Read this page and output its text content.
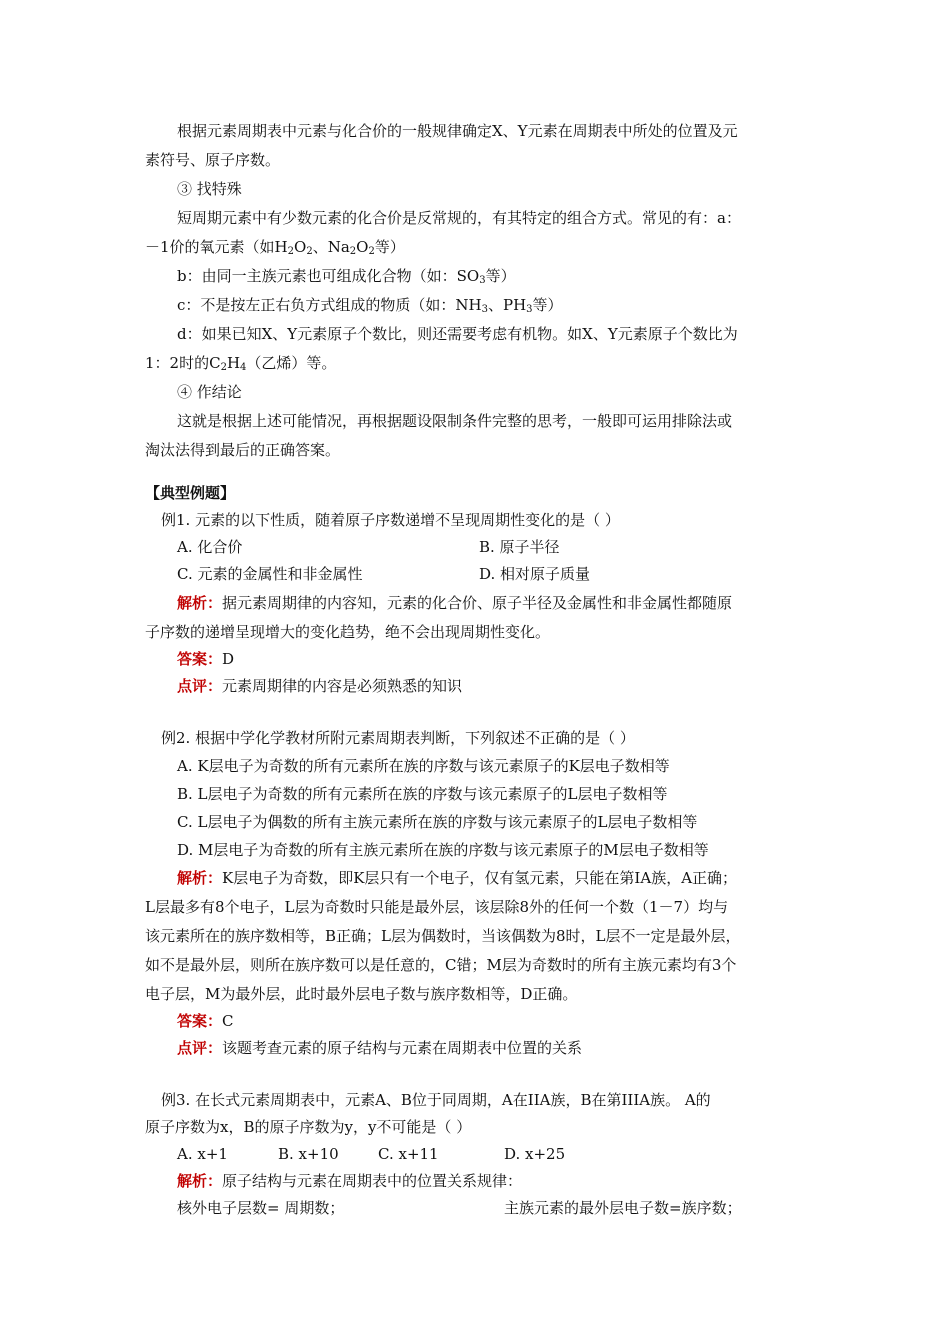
根据元素周期表中元素与化合价的一般规律确定X、Y元素在周期表中所处的位置及元
素符号、原子序数。
③ 找特殊
短周期元素中有少数元素的化合价是反常规的，有其特定的组合方式。常见的有：a：
－1价的氧元素（如$H_2O_2$、$Na_2O_2$等）
b：由同一主族元素也可组成化合物（如：$SO_3$等）
c：不是按左正右负方式组成的物质（如：$NH_3$、$PH_3$等）
d：如果已知X、Y元素原子个数比，则还需要考虑有机物。如X、Y元素原子个数比为
1：2时的$C_2H_4$（乙烯）等。
④ 作结论
这就是根据上述可能情况，再根据题设限制条件完整的思考，一般即可运用排除法或
淘汰法得到最后的正确答案。
【典型例题】
例1. 元素的以下性质，随着原子序数递增不呈现周期性变化的是（ ）
A. 化合价	B. 原子半径
C. 元素的金属性和非金属性	D. 相对原子质量
解析：据元素周期律的内容知，元素的化合价、原子半径及金属性和非金属性都随原
子序数的递增呈现增大的变化趋势，绝不会出现周期性变化。
答案：D
点评：元素周期律的内容是必须熟悉的知识
例2. 根据中学化学教材所附元素周期表判断，下列叙述不正确的是（ ）
A. K层电子为奇数的所有元素所在族的序数与该元素原子的K层电子数相等
B. L层电子为奇数的所有元素所在族的序数与该元素原子的L层电子数相等
C. L层电子为偶数的所有主族元素所在族的序数与该元素原子的L层电子数相等
D. M层电子为奇数的所有主族元素所在族的序数与该元素原子的M层电子数相等
解析：K层电子为奇数，即K层只有一个电子，仅有氢元素，只能在第IA族，A正确；
L层最多有8个电子，L层为奇数时只能是最外层，该层除8外的任何一个数（1－7）均与
该元素所在的族序数相等，B正确；L层为偶数时，当该偶数为8时，L层不一定是最外层，
如不是最外层，则所在族序数可以是任意的，C错；M层为奇数时的所有主族元素均有3个
电子层，M为最外层，此时最外层电子数与族序数相等，D正确。
答案：C
点评：该题考查元素的原子结构与元素在周期表中位置的关系
例3. 在长式元素周期表中，元素A、B位于同周期，A在IIA族，B在第IIIA族。 A的
原子序数为x，B的原子序数为y，y不可能是（ ）
A. x+1	B. x+10	C. x+11	D. x+25
解析：原子结构与元素在周期表中的位置关系规律：
核外电子层数= 周期数；	主族元素的最外层电子数=族序数；
